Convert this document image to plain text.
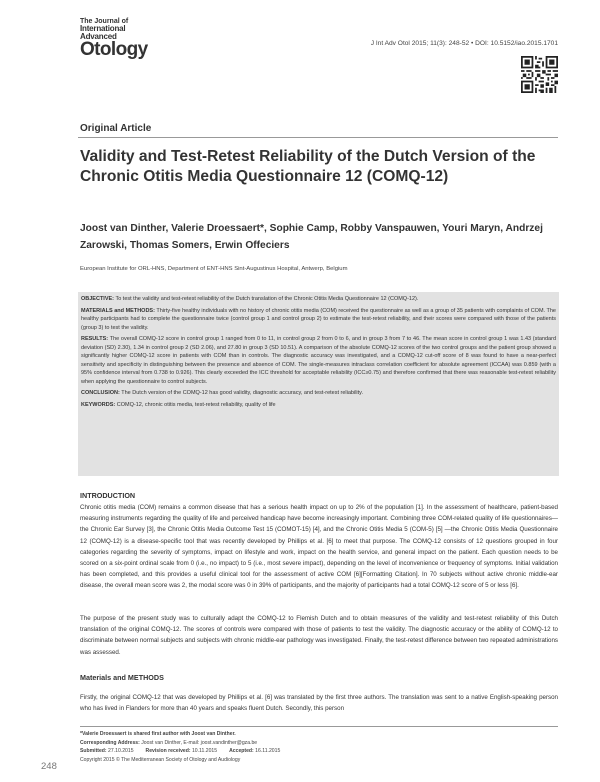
The Journal of
International
Advanced
Otology	J Int Adv Otol 2015; 11(3): 248-52 • DOI: 10.5152/iao.2015.1701
Original Article
Validity and Test-Retest Reliability of the Dutch Version of the Chronic Otitis Media Questionnaire 12 (COMQ-12)
Joost van Dinther, Valerie Droessaert*, Sophie Camp, Robby Vanspauwen, Youri Maryn, Andrzej Zarowski, Thomas Somers, Erwin Offeciers
European Institute for ORL-HNS, Department of ENT-HNS Sint-Augustinus Hospital, Antwerp, Belgium

OBJECTIVE: To test the validity and test-retest reliability of the Dutch translation of the Chronic Otitis Media Questionnaire 12 (COMQ-12).

MATERIALS and METHODS: Thirty-five healthy individuals with no history of chronic otitis media (COM) received the questionnaire as well as a group of 35 patients with complaints of COM. The healthy participants had to complete the questionnaire twice (control group 1 and control group 2) to estimate the test-retest reliability, and their scores were compared with those of the patients (group 3) to test the validity.

RESULTS: The overall COMQ-12 score in control group 1 ranged from 0 to 11, in control group 2 from 0 to 6, and in group 3 from 7 to 46. The mean score in control group 1 was 1.43 (standard deviation (SD) 2.30), 1.34 in control group 2 (SD 2.06), and 27.80 in group 3 (SD 10.51). A comparison of the absolute COMQ-12 scores of the two control groups and the patient group showed a significantly higher COMQ-12 score in patients with COM than in controls. The diagnostic accuracy was investigated, and a COMQ-12 cut-off score of 8 was found to have a near-perfect sensitivity and specificity in distinguishing between the presence and absence of COM. The single-measures intraclass correlation coefficient for absolute agreement (ICCAA) was 0.859 (with a 95% confidence interval from 0.738 to 0.926). This clearly exceeded the ICC threshold for acceptable reliability (ICC≥0.75) and therefore confirmed that there was reasonable test-retest reliability when applying the questionnaire to control subjects.

CONCLUSION: The Dutch version of the COMQ-12 has good validity, diagnostic accuracy, and test-retest reliability.

KEYWORDS: COMQ-12, chronic otitis media, test-retest reliability, quality of life

INTRODUCTION
Chronic otitis media (COM) remains a common disease that has a serious health impact on up to 2% of the population [1]. In the assessment of healthcare, patient-based measuring instruments regarding the quality of life and perceived handicap have become increasingly important. Combining three COM-related quality of life questionnaires—the Chronic Ear Survey [3], the Chronic Otitis Media Outcome Test 15 (COMOT-15) [4], and the Chronic Otitis Media 5 (COM-5) [5] —the Chronic Otitis Media Questionnaire 12 (COMQ-12) is a disease-specific tool that was recently developed by Phillips et al. [6] to meet that purpose. The COMQ-12 consists of 12 questions grouped in four categories regarding the severity of symptoms, impact on lifestyle and work, impact on the health service, and general impact on the patient. Each question needs to be scored on a six-point ordinal scale from 0 (i.e., no impact) to 5 (i.e., most severe impact), depending on the level of inconvenience or frequency of symptoms. Initial validation has been completed, and this provides a useful clinical tool for the assessment of active COM [6][Formatting Citation]. In 70 subjects without active chronic middle-ear disease, the overall mean score was 2, the modal score was 0 in 39% of participants, and the majority of participants had a total COMQ-12 score of 5 or less [6].
The purpose of the present study was to culturally adapt the COMQ-12 to Flemish Dutch and to obtain measures of the validity and test-retest reliability of this Dutch translation of the original COMQ-12. The scores of controls were compared with those of patients to test the validity. The diagnostic accuracy or the ability of COMQ-12 to discriminate between normal subjects and subjects with chronic middle-ear pathology was investigated. Finally, the test-retest difference between two repeated administrations was assessed.
Materials and METHODS
Firstly, the original COMQ-12 that was developed by Phillips et al. [6] was translated by the first three authors. The translation was sent to a native English-speaking person who has lived in Flanders for more than 40 years and speaks fluent Dutch. Secondly, this person
*Valerie Droessaert is shared first author with Joost van Dinther.
Corresponding Address: Joost van Dinther, E-mail: joost.vandinther@gza.be
Submitted: 27.10.2015	Revision received: 10.11.2015	Accepted: 16.11.2015
Copyright 2015 © The Mediterranean Society of Otology and Audiology
248
